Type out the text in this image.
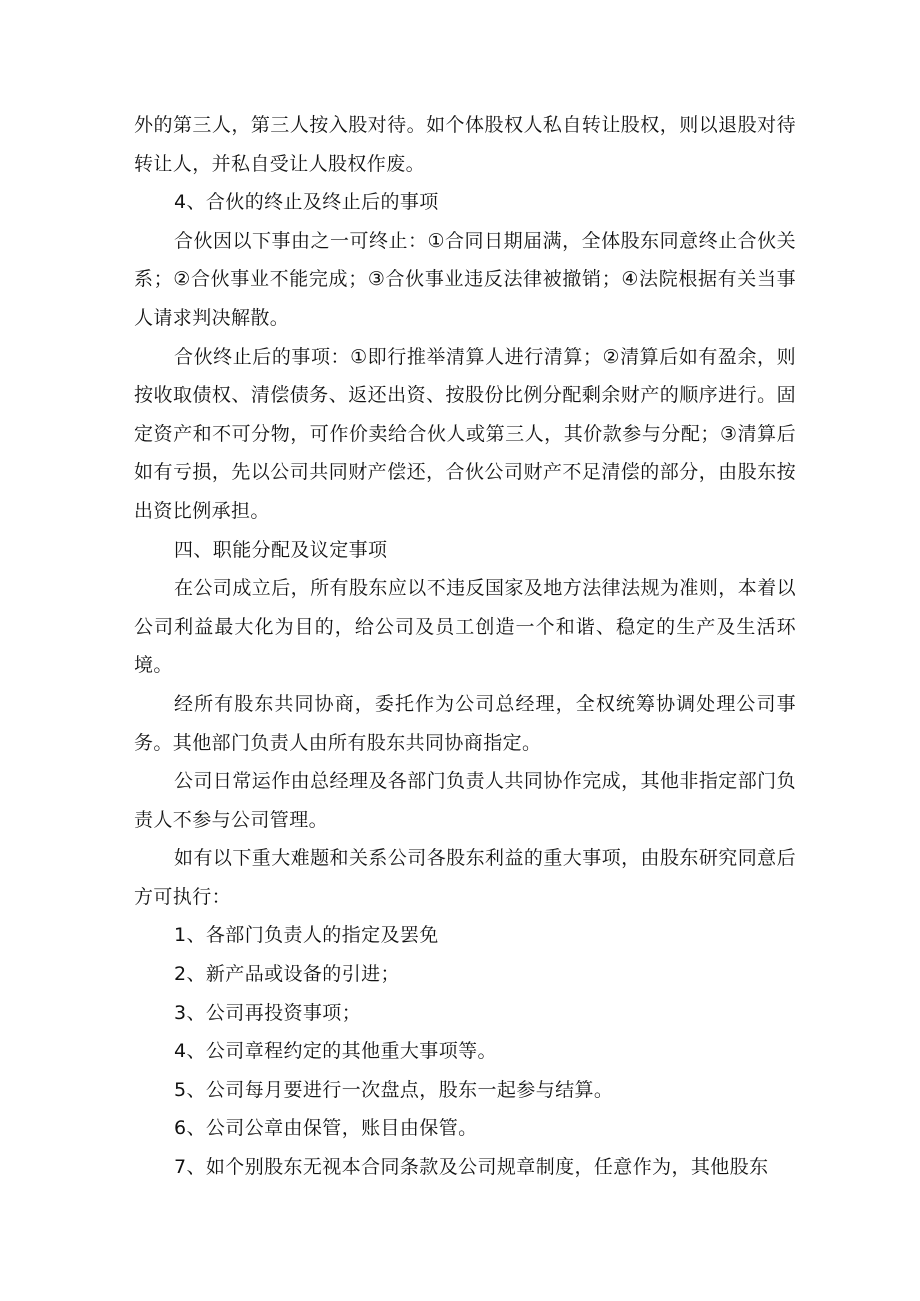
外的第三人，第三人按入股对待。如个体股权人私自转让股权，则以退股对待转让人，并私自受让人股权作废。

4、合伙的终止及终止后的事项

合伙因以下事由之一可终止：①合同日期届满，全体股东同意终止合伙关系；②合伙事业不能完成；③合伙事业违反法律被撤销；④法院根据有关当事人请求判决解散。

合伙终止后的事项：①即行推举清算人进行清算；②清算后如有盈余，则按收取债权、清偿债务、返还出资、按股份比例分配剩余财产的顺序进行。固定资产和不可分物，可作价卖给合伙人或第三人，其价款参与分配；③清算后如有亏损，先以公司共同财产偿还，合伙公司财产不足清偿的部分，由股东按出资比例承担。

四、职能分配及议定事项

在公司成立后，所有股东应以不违反国家及地方法律法规为准则，本着以公司利益最大化为目的，给公司及员工创造一个和谐、稳定的生产及生活环境。

经所有股东共同协商，委托作为公司总经理，全权统筹协调处理公司事务。其他部门负责人由所有股东共同协商指定。

公司日常运作由总经理及各部门负责人共同协作完成，其他非指定部门负责人不参与公司管理。

如有以下重大难题和关系公司各股东利益的重大事项，由股东研究同意后方可执行：

1、各部门负责人的指定及罢免

2、新产品或设备的引进；

3、公司再投资事项；

4、公司章程约定的其他重大事项等。

5、公司每月要进行一次盘点，股东一起参与结算。

6、公司公章由保管，账目由保管。

7、如个别股东无视本合同条款及公司规章制度，任意作为，其他股东
